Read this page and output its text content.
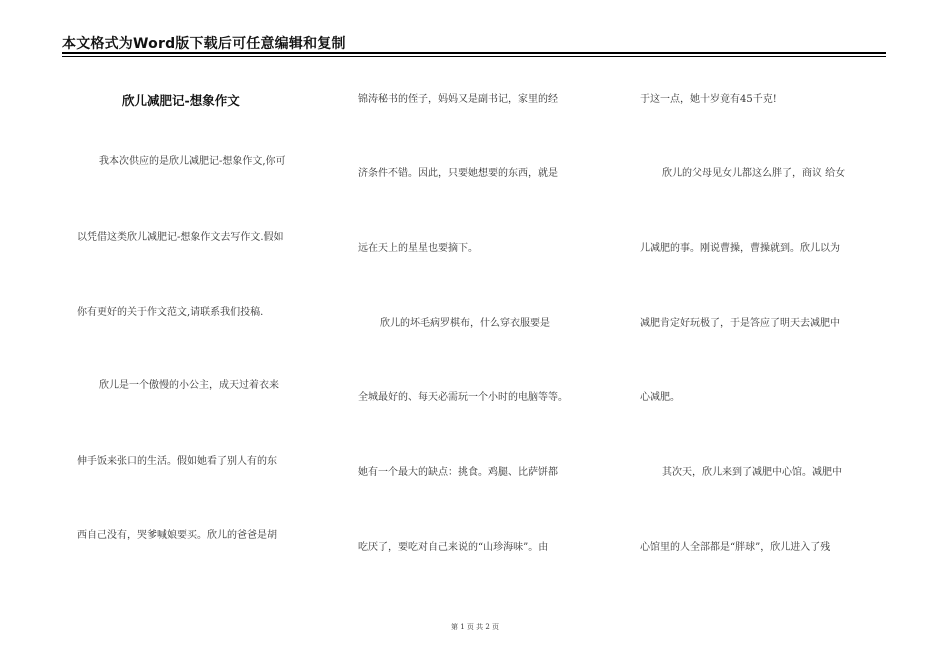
本文格式为Word版下载后可任意编辑和复制
欣儿减肥记-想象作文
我本次供应的是欣儿减肥记-想象作文,你可
以凭借这类欣儿减肥记-想象作文去写作文.假如
你有更好的关于作文范文,请联系我们投稿.
欣儿是一个傲慢的小公主，成天过着衣来
伸手饭来张口的生活。假如她看了别人有的东
西自己没有，哭爹喊娘要买。欣儿的爸爸是胡
锦涛秘书的侄子，妈妈又是副书记，家里的经
济条件不错。因此，只要她想要的东西，就是
远在天上的星星也要摘下。
欣儿的坏毛病罗棋布，什么穿衣服要是
全城最好的、每天必需玩一个小时的电脑等等。
她有一个最大的缺点：挑食。鸡腿、比萨饼都
吃厌了，要吃对自己来说的“山珍海味”。由
于这一点，她十岁竟有45千克!
欣儿的父母见女儿都这么胖了，商议 给女
儿减肥的事。刚说曹操，曹操就到。欣儿以为
减肥肯定好玩极了，于是答应了明天去减肥中
心减肥。
其次天，欣儿来到了减肥中心馆。减肥中
心馆里的人全部都是“胖球”，欣儿进入了残
第 1 页 共 2 页
